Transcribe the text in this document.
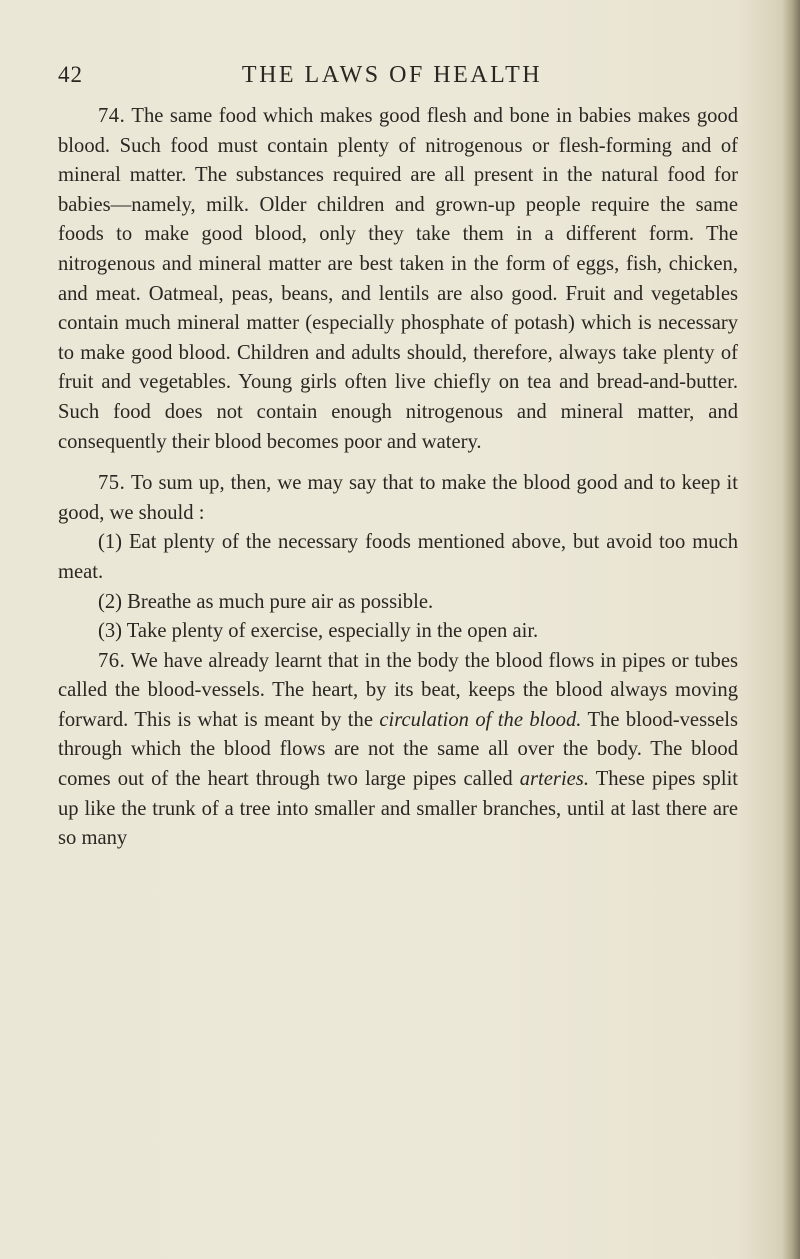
42	THE LAWS OF HEALTH

74. The same food which makes good flesh and bone in babies makes good blood. Such food must contain plenty of nitrogenous or flesh-forming and of mineral matter. The substances required are all present in the natural food for babies—namely, milk. Older children and grown-up people require the same foods to make good blood, only they take them in a different form. The nitrogenous and mineral matter are best taken in the form of eggs, fish, chicken, and meat. Oatmeal, peas, beans, and lentils are also good. Fruit and vegetables contain much mineral matter (especially phosphate of potash) which is necessary to make good blood. Children and adults should, therefore, always take plenty of fruit and vegetables. Young girls often live chiefly on tea and bread-and-butter. Such food does not contain enough nitrogenous and mineral matter, and consequently their blood becomes poor and watery.

75. To sum up, then, we may say that to make the blood good and to keep it good, we should :

(1) Eat plenty of the necessary foods mentioned above, but avoid too much meat.
(2) Breathe as much pure air as possible.
(3) Take plenty of exercise, especially in the open air.

76. We have already learnt that in the body the blood flows in pipes or tubes called the blood-vessels. The heart, by its beat, keeps the blood always moving forward. This is what is meant by the circulation of the blood. The blood-vessels through which the blood flows are not the same all over the body. The blood comes out of the heart through two large pipes called arteries. These pipes split up like the trunk of a tree into smaller and smaller branches, until at last there are so many
